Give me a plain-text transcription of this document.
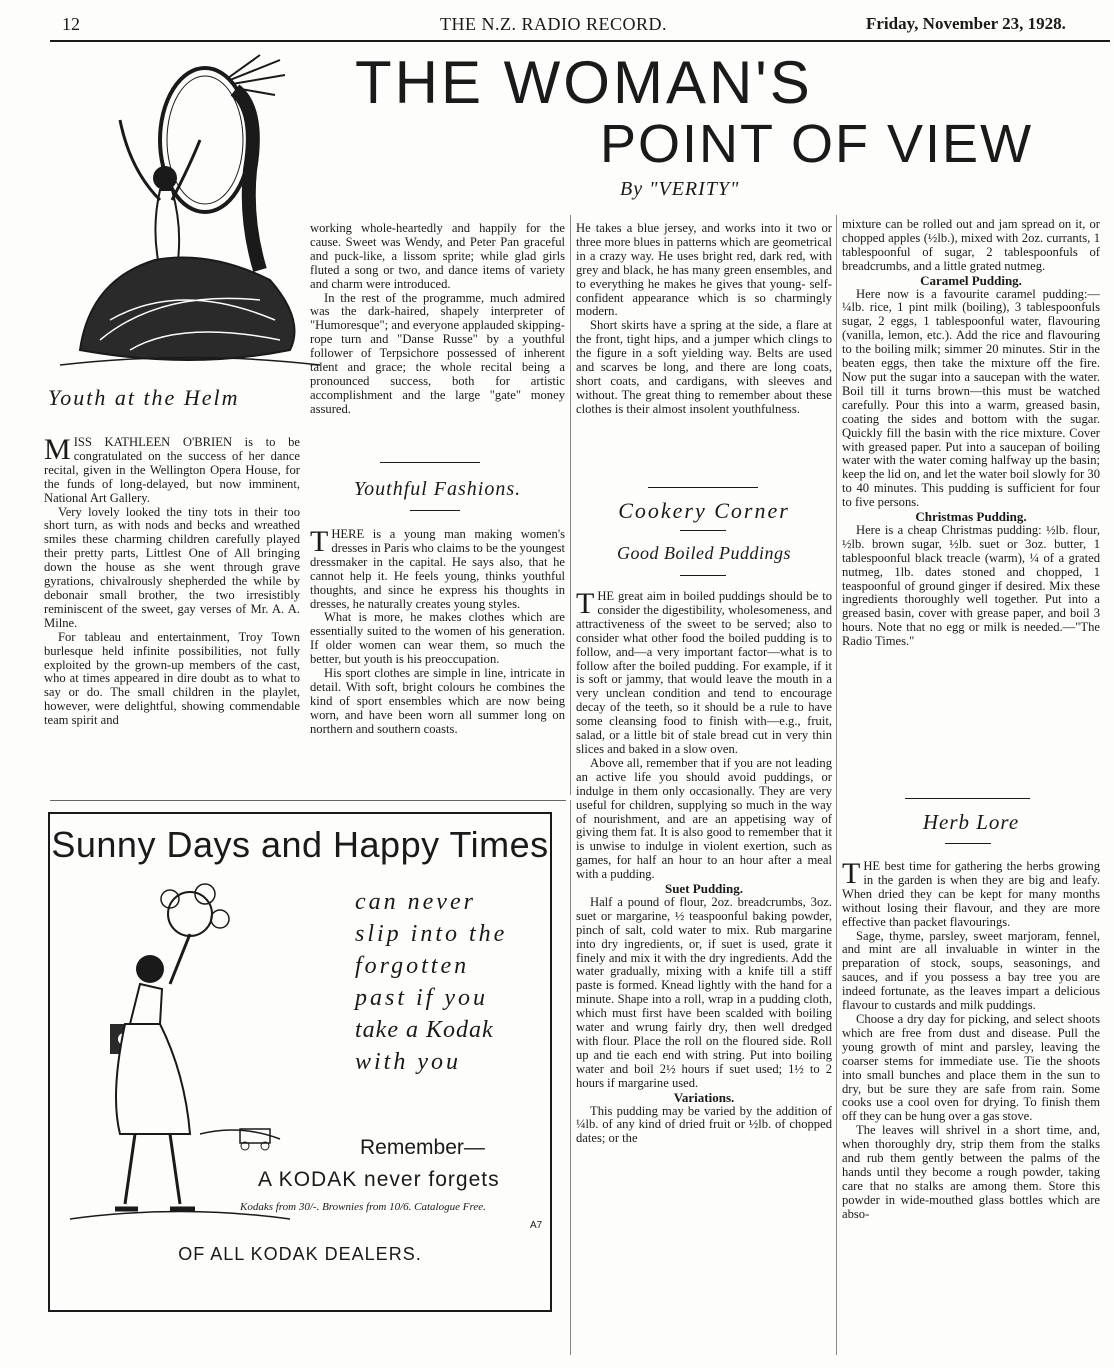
12	THE N.Z. RADIO RECORD.	Friday, November 23, 1928.
THE WOMAN'S
POINT OF VIEW
By "VERITY"
Youth at the Helm

MISS KATHLEEN O'BRIEN is to be congratulated on the success of her dance recital, given in the Wellington Opera House, for the funds of long-delayed, but now imminent, National Art Gallery.

Very lovely looked the tiny tots in their too short turn, as with nods and becks and wreathed smiles these charming children carefully played their pretty parts, Littlest One of All bringing down the house as she went through grave gyrations, chivalrously shepherded the while by debonair small brother, the two irresistibly reminiscent of the sweet, gay verses of Mr. A. A. Milne.

For tableau and entertainment, Troy Town burlesque held infinite possibilities, not fully exploited by the grown-up members of the cast, who at times appeared in dire doubt as to what to say or do. The small children in the playlet, however, were delightful, showing commendable team spirit and

working whole-heartedly and happily for the cause. Sweet was Wendy, and Peter Pan graceful and puck-like, a lissom sprite; while glad girls fluted a song or two, and dance items of variety and charm were introduced.

In the rest of the programme, much admired was the dark-haired, shapely interpreter of "Humoresque"; and everyone applauded skipping-rope turn and "Danse Russe" by a youthful follower of Terpsichore possessed of inherent talent and grace; the whole recital being a pronounced success, both for artistic accomplishment and the large "gate" money assured.

Youthful Fashions.

THERE is a young man making women's dresses in Paris who claims to be the youngest dressmaker in the capital. He says also, that he cannot help it. He feels young, thinks youthful thoughts, and since he express his thoughts in dresses, he naturally creates young styles.

What is more, he makes clothes which are essentially suited to the women of his generation. If older women can wear them, so much the better, but youth is his preoccupation.

His sport clothes are simple in line, intricate in detail. With soft, bright colours he combines the kind of sport ensembles which are now being worn, and have been worn all summer long on northern and southern coasts.

He takes a blue jersey, and works into it two or three more blues in patterns which are geometrical in a crazy way. He uses bright red, dark red, with grey and black, he has many green ensembles, and to everything he makes he gives that young- self-confident appearance which is so charmingly modern.

Short skirts have a spring at the side, a flare at the front, tight hips, and a jumper which clings to the figure in a soft yielding way. Belts are used and scarves be long, and there are long coats, short coats, and cardigans, with sleeves and without. The great thing to remember about these clothes is their almost insolent youthfulness.

Cookery Corner
Good Boiled Puddings

THE great aim in boiled puddings should be to consider the digestibility, wholesomeness, and attractiveness of the sweet to be served; also to consider what other food the boiled pudding is to follow, and—a very important factor—what is to follow after the boiled pudding. For example, if it is soft or jammy, that would leave the mouth in a very unclean condition and tend to encourage decay of the teeth, so it should be a rule to have some cleansing food to finish with—e.g., fruit, salad, or a little bit of stale bread cut in very thin slices and baked in a slow oven.

Above all, remember that if you are not leading an active life you should avoid puddings, or indulge in them only occasionally. They are very useful for children, supplying so much in the way of nourishment, and are an appetising way of giving them fat. It is also good to remember that it is unwise to indulge in violent exertion, such as games, for half an hour to an hour after a meal with a pudding.

Suet Pudding.

Half a pound of flour, 2oz. breadcrumbs, 3oz. suet or margarine, ½ teaspoonful baking powder, pinch of salt, cold water to mix. Rub margarine into dry ingredients, or, if suet is used, grate it finely and mix it with the dry ingredients. Add the water gradually, mixing with a knife till a stiff paste is formed. Knead lightly with the hand for a minute. Shape into a roll, wrap in a pudding cloth, which must first have been scalded with boiling water and wrung fairly dry, then well dredged with flour. Place the roll on the floured side. Roll up and tie each end with string. Put into boiling water and boil 2½ hours if suet used; 1½ to 2 hours if margarine used.

Variations.

This pudding may be varied by the addition of ¼lb. of any kind of dried fruit or ½lb. of chopped dates; or the

mixture can be rolled out and jam spread on it, or chopped apples (½lb.), mixed with 2oz. currants, 1 tablespoonful of sugar, 2 tablespoonfuls of breadcrumbs, and a little grated nutmeg.

Caramel Pudding.

Here now is a favourite caramel pudding:—¼lb. rice, 1 pint milk (boiling), 3 tablespoonfuls sugar, 2 eggs, 1 tablespoonful water, flavouring (vanilla, lemon, etc.). Add the rice and flavouring to the boiling milk; simmer 20 minutes. Stir in the beaten eggs, then take the mixture off the fire. Now put the sugar into a saucepan with the water. Boil till it turns brown—this must be watched carefully. Pour this into a warm, greased basin, coating the sides and bottom with the sugar. Quickly fill the basin with the rice mixture. Cover with greased paper. Put into a saucepan of boiling water with the water coming halfway up the basin; keep the lid on, and let the water boil slowly for 30 to 40 minutes. This pudding is sufficient for four to five persons.

Christmas Pudding.

Here is a cheap Christmas pudding: ½lb. flour, ½lb. brown sugar, ½lb. suet or 3oz. butter, 1 tablespoonful black treacle (warm), ¼ of a grated nutmeg, 1lb. dates stoned and chopped, 1 teaspoonful of ground ginger if desired. Mix these ingredients thoroughly well together. Put into a greased basin, cover with grease paper, and boil 3 hours. Note that no egg or milk is needed.—"The Radio Times."

Herb Lore

THE best time for gathering the herbs growing in the garden is when they are big and leafy. When dried they can be kept for many months without losing their flavour, and they are more effective than packet flavourings.

Sage, thyme, parsley, sweet marjoram, fennel, and mint are all invaluable in winter in the preparation of stock, soups, seasonings, and sauces, and if you possess a bay tree you are indeed fortunate, as the leaves impart a delicious flavour to custards and milk puddings.

Choose a dry day for picking, and select shoots which are free from dust and disease. Pull the young growth of mint and parsley, leaving the coarser stems for immediate use. Tie the shoots into small bunches and place them in the sun to dry, but be sure they are safe from rain. Some cooks use a cool oven for drying. To finish them off they can be hung over a gas stove.

The leaves will shrivel in a short time, and, when thoroughly dry, strip them from the stalks and rub them gently between the palms of the hands until they become a rough powder, taking care that no stalks are among them. Store this powder in wide-mouthed glass bottles which are abso-

Sunny Days and Happy Times
can never
slip into the
forgotten
past if you
take a Kodak
with you
Remember—
A KODAK never forgets
Kodaks from 30/-. Brownies from 10/6. Catalogue Free.
A7
OF ALL KODAK DEALERS.
